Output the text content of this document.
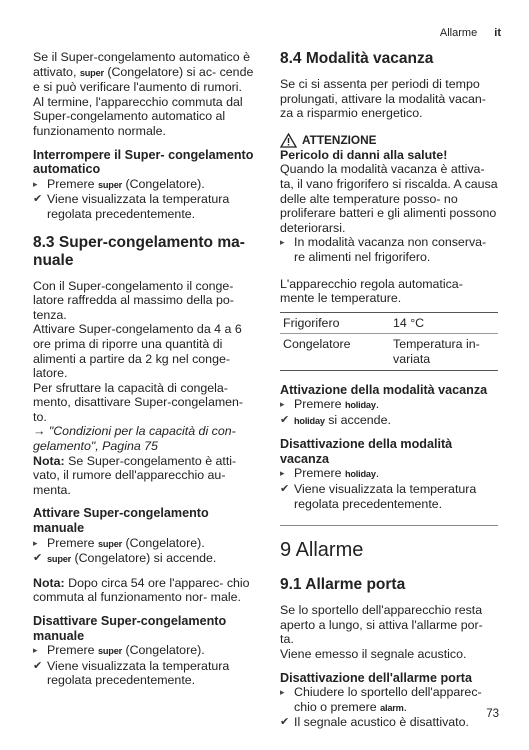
Allarme it

Se il Super-congelamento automatico è attivato, super (Congelatore) si ac- cende e si può verificare l'aumento di rumori.

Al termine, l'apparecchio commuta dal Super-congelamento automatico al funzionamento normale.

Interrompere il Super- congelamento automatico
▸ Premere super (Congelatore).
✔ Viene visualizzata la temperatura regolata precedentemente.
8.3 Super-congelamento ma- nuale

Con il Super-congelamento il conge- latore raffredda al massimo della po- tenza.

Attivare Super-congelamento da 4 a 6 ore prima di riporre una quantità di alimenti a partire da 2 kg nel conge- latore.

Per sfruttare la capacità di congela- mento, disattivare Super-congelamen- to.

→ "Condizioni per la capacità di con- gelamento", Pagina 75

Nota: Se Super-congelamento è atti- vato, il rumore dell'apparecchio au- menta.

Attivare Super-congelamento manuale
▸ Premere super (Congelatore).
✔ super (Congelatore) si accende.

Nota: Dopo circa 54 ore l'apparec- chio commuta al funzionamento nor- male.

Disattivare Super-congelamento manuale
▸ Premere super (Congelatore).
✔ Viene visualizzata la temperatura regolata precedentemente.
8.4 Modalità vacanza

Se ci si assenta per periodi di tempo prolungati, attivare la modalità vacan- za a risparmio energetico.

ATTENZIONE

Pericolo di danni alla salute!

Quando la modalità vacanza è attiva- ta, il vano frigorifero si riscalda. A causa delle alte temperature posso- no proliferare batteri e gli alimenti possono deteriorarsi.

▸ In modalità vacanza non conserva- re alimenti nel frigorifero.

L'apparecchio regola automatica- mente le temperature.

Frigorifero	14 °C
Congelatore	Temperatura in- variata
Attivazione della modalità vacanza
▸ Premere holiday.
✔ holiday si accende.
Disattivazione della modalità vacanza
▸ Premere holiday.
✔ Viene visualizzata la temperatura regolata precedentemente.
9 Allarme
9.1 Allarme porta

Se lo sportello dell'apparecchio resta aperto a lungo, si attiva l'allarme por- ta.

Viene emesso il segnale acustico.

Disattivazione dell'allarme porta
▸ Chiudere lo sportello dell'apparec- chio o premere alarm.
✔ Il segnale acustico è disattivato.
73
